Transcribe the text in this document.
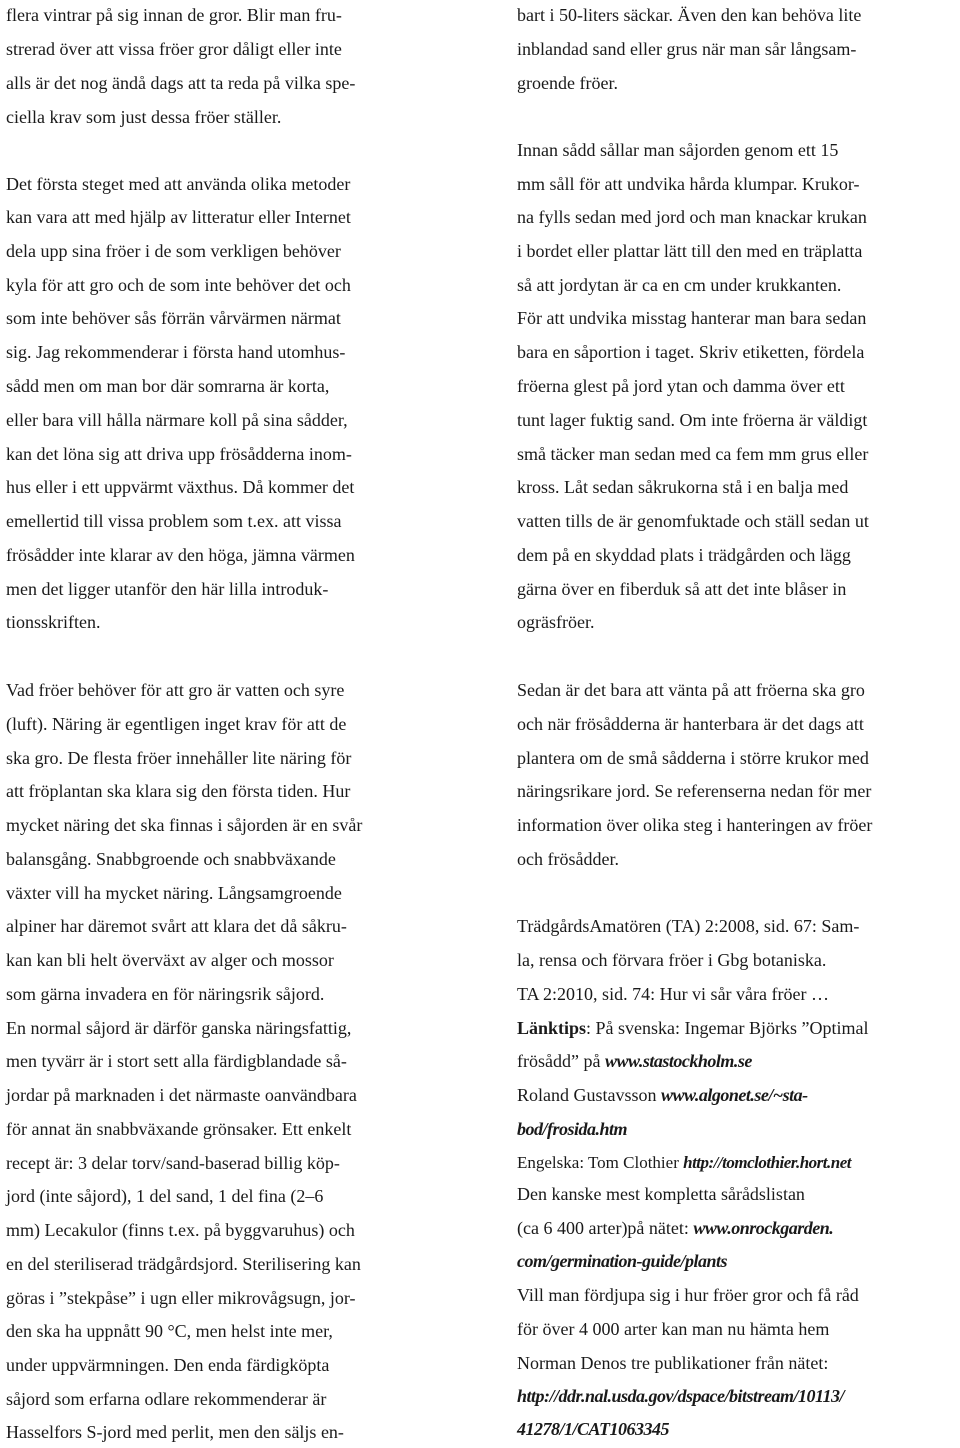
flera vintrar på sig innan de gror. Blir man fru-
strerad över att vissa fröer gror dåligt eller inte
alls är det nog ändå dags att ta reda på vilka spe-
ciella krav som just dessa fröer ställer.
Det första steget med att använda olika metoder
kan vara att med hjälp av litteratur eller Internet
dela upp sina fröer i de som verkligen behöver
kyla för att gro och de som inte behöver det och
som inte behöver sås förrän vårvärmen närmat
sig. Jag rekommenderar i första hand utomhus-
sådd men om man bor där somrarna är korta,
eller bara vill hålla närmare koll på sina sådder,
kan det löna sig att driva upp frösådderna inom-
hus eller i ett uppvärmt växthus. Då kommer det
emellertid till vissa problem som t.ex. att vissa
frösådder inte klarar av den höga, jämna värmen
men det ligger utanför den här lilla introduk-
tionsskriften.
Vad fröer behöver för att gro är vatten och syre
(luft). Näring är egentligen inget krav för att de
ska gro. De flesta fröer innehåller lite näring för
att fröplantan ska klara sig den första tiden. Hur
mycket näring det ska finnas i såjorden är en svår
balansgång. Snabbgroende och snabbväxande
växter vill ha mycket näring. Långsamgroende
alpiner har däremot svårt att klara det då såkru-
kan kan bli helt överväxt av alger och mossor
som gärna invadera en för näringsrik såjord.
En normal såjord är därför ganska näringsfattig,
men tyvärr är i stort sett alla färdigblandade så-
jordar på marknaden i det närmaste oanvändbara
för annat än snabbväxande grönsaker. Ett enkelt
recept är: 3 delar torv/sand-baserad billig köp-
jord (inte såjord), 1 del sand, 1 del fina (2–6
mm) Lecakulor (finns t.ex. på byggvaruhus) och
en del steriliserad trädgårdsjord. Sterilisering kan
göras i ”stekpåse” i ugn eller mikrovågsugn, jor-
den ska ha uppnått 90 °C, men helst inte mer,
under uppvärmningen. Den enda färdigköpta
såjord som erfarna odlare rekommenderar är
Hasselfors S-jord med perlit, men den säljs en-
bart i 50-liters säckar. Även den kan behöva lite
inblandad sand eller grus när man sår långsam-
groende fröer.
Innan sådd sållar man såjorden genom ett 15
mm såll för att undvika hårda klumpar. Krukor-
na fylls sedan med jord och man knackar krukan
i bordet eller plattar lätt till den med en träplatta
så att jordytan är ca en cm under krukkanten.
För att undvika misstag hanterar man bara sedan
bara en såportion i taget. Skriv etiketten, fördela
fröerna glest på jord ytan och damma över ett
tunt lager fuktig sand. Om inte fröerna är väldigt
små täcker man sedan med ca fem mm grus eller
kross. Låt sedan såkrukorna stå i en balja med
vatten tills de är genomfuktade och ställ sedan ut
dem på en skyddad plats i trädgården och lägg
gärna över en fiberduk så att det inte blåser in
ogräsfröer.
Sedan är det bara att vänta på att fröerna ska gro
och när frösådderna är hanterbara är det dags att
plantera om de små sådderna i större krukor med
näringsrikare jord. Se referenserna nedan för mer
information över olika steg i hanteringen av fröer
och frösådder.
TrädgårdsAmatören (TA) 2:2008, sid. 67: Sam-
la, rensa och förvara fröer i Gbg botaniska.
TA 2:2010, sid. 74: Hur vi sår våra fröer …
Länktips: På svenska: Ingemar Björks ”Optimal
frösådd” på www.stastockholm.se
Roland Gustavsson www.algonet.se/~sta-
bod/frosida.htm
Engelska: Tom Clothier http://tomclothier.hort.net
Den kanske mest kompletta sårådslistan
(ca 6 400 arter)på nätet: www.onrockgarden.
com/germination-guide/plants
Vill man fördjupa sig i hur fröer gror och få råd
för över 4 000 arter kan man nu hämta hem
Norman Denos tre publikationer från nätet:
http://ddr.nal.usda.gov/dspace/bitstream/10113/
41278/1/CAT1063345
